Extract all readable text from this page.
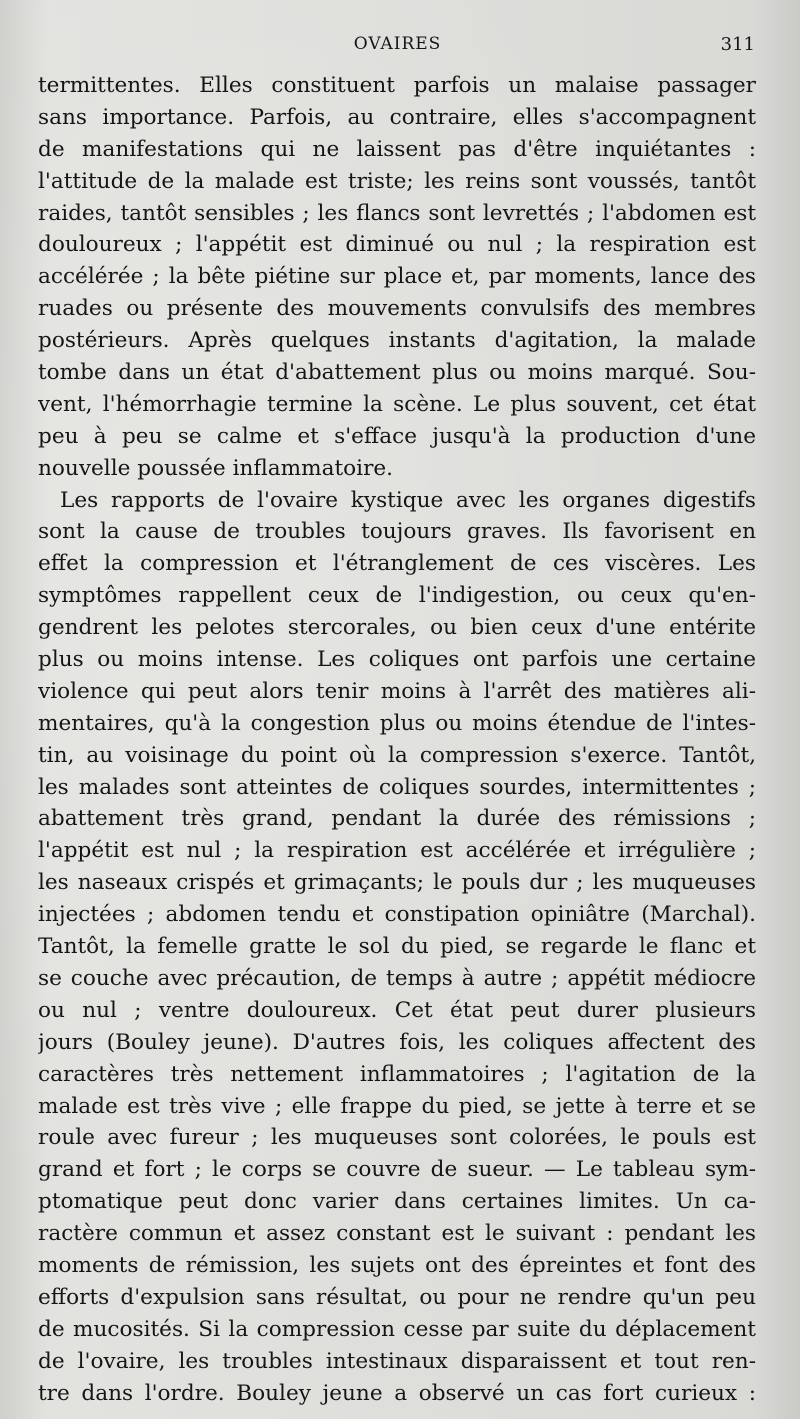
OVAIRES	311
termittentes. Elles constituent parfois un malaise passager
sans importance. Parfois, au contraire, elles s'accompagnent
de manifestations qui ne laissent pas d'être inquiétantes :
l'attitude de la malade est triste; les reins sont voussés, tantôt
raides, tantôt sensibles ; les flancs sont levrettés ; l'abdomen est
douloureux ; l'appétit est diminué ou nul ; la respiration est
accélérée ; la bête piétine sur place et, par moments, lance des
ruades ou présente des mouvements convulsifs des membres
postérieurs. Après quelques instants d'agitation, la malade
tombe dans un état d'abattement plus ou moins marqué. Sou-
vent, l'hémorrhagie termine la scène. Le plus souvent, cet état
peu à peu se calme et s'efface jusqu'à la production d'une
nouvelle poussée inflammatoire.
Les rapports de l'ovaire kystique avec les organes digestifs
sont la cause de troubles toujours graves. Ils favorisent en
effet la compression et l'étranglement de ces viscères. Les
symptômes rappellent ceux de l'indigestion, ou ceux qu'en-
gendrent les pelotes stercorales, ou bien ceux d'une entérite
plus ou moins intense. Les coliques ont parfois une certaine
violence qui peut alors tenir moins à l'arrêt des matières ali-
mentaires, qu'à la congestion plus ou moins étendue de l'intes-
tin, au voisinage du point où la compression s'exerce. Tantôt,
les malades sont atteintes de coliques sourdes, intermittentes ;
abattement très grand, pendant la durée des rémissions ;
l'appétit est nul ; la respiration est accélérée et irrégulière ;
les naseaux crispés et grimaçants; le pouls dur ; les muqueuses
injectées ; abdomen tendu et constipation opiniâtre (Marchal).
Tantôt, la femelle gratte le sol du pied, se regarde le flanc et
se couche avec précaution, de temps à autre ; appétit médiocre
ou nul ; ventre douloureux. Cet état peut durer plusieurs
jours (Bouley jeune). D'autres fois, les coliques affectent des
caractères très nettement inflammatoires ; l'agitation de la
malade est très vive ; elle frappe du pied, se jette à terre et se
roule avec fureur ; les muqueuses sont colorées, le pouls est
grand et fort ; le corps se couvre de sueur. — Le tableau sym-
ptomatique peut donc varier dans certaines limites. Un ca-
ractère commun et assez constant est le suivant : pendant les
moments de rémission, les sujets ont des épreintes et font des
efforts d'expulsion sans résultat, ou pour ne rendre qu'un peu
de mucosités. Si la compression cesse par suite du déplacement
de l'ovaire, les troubles intestinaux disparaissent et tout ren-
tre dans l'ordre. Bouley jeune a observé un cas fort curieux :
